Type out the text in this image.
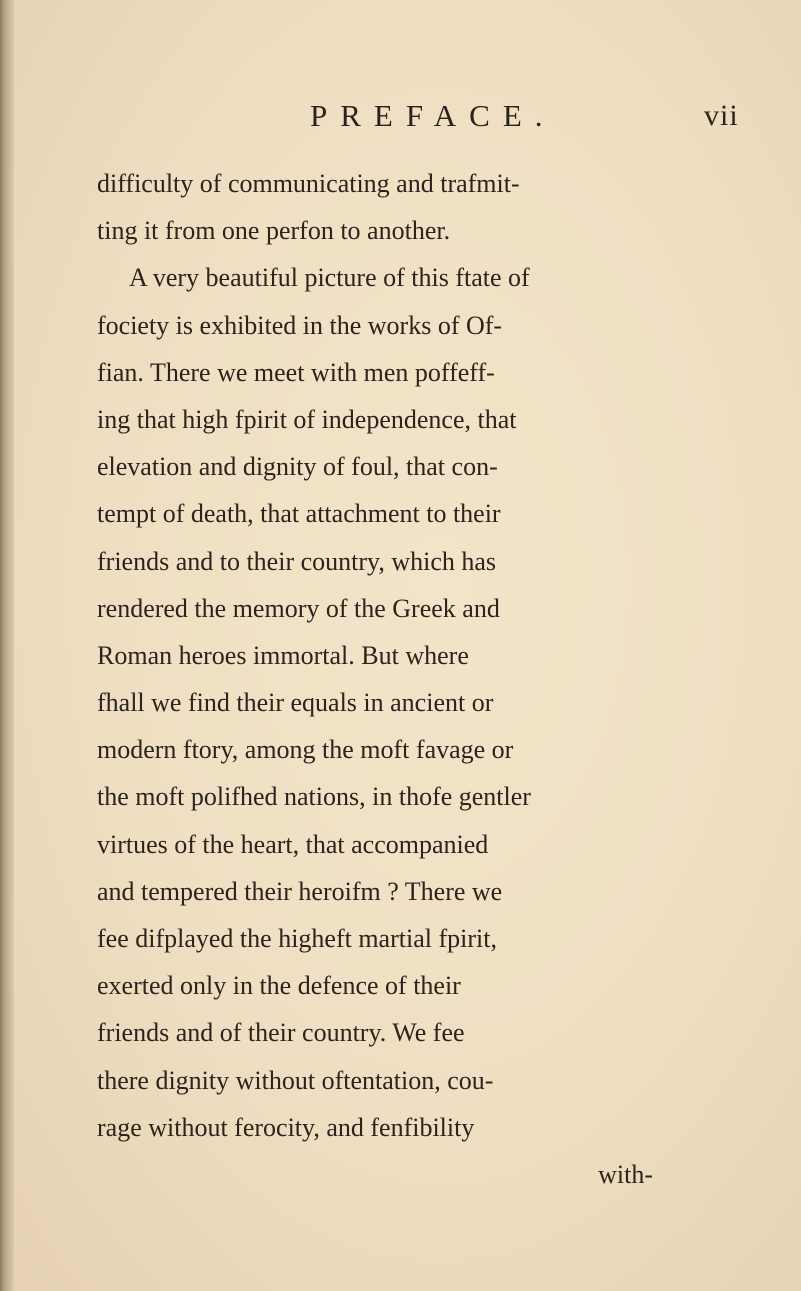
PREFACE.	vii
difficulty of communicating and trafmit-
ting it from one perfon to another.
A very beautiful picture of this ftate of
fociety is exhibited in the works of Of-
fian. There we meet with men poffeff-
ing that high fpirit of independence, that
elevation and dignity of foul, that con-
tempt of death, that attachment to their
friends and to their country, which has
rendered the memory of the Greek and
Roman heroes immortal. But where
fhall we find their equals in ancient or
modern ftory, among the moft favage or
the moft polifhed nations, in thofe gentler
virtues of the heart, that accompanied
and tempered their heroifm ? There we
fee difplayed the higheft martial fpirit,
exerted only in the defence of their
friends and of their country. We fee
there dignity without oftentation, cou-
rage without ferocity, and fenfibility
with-
